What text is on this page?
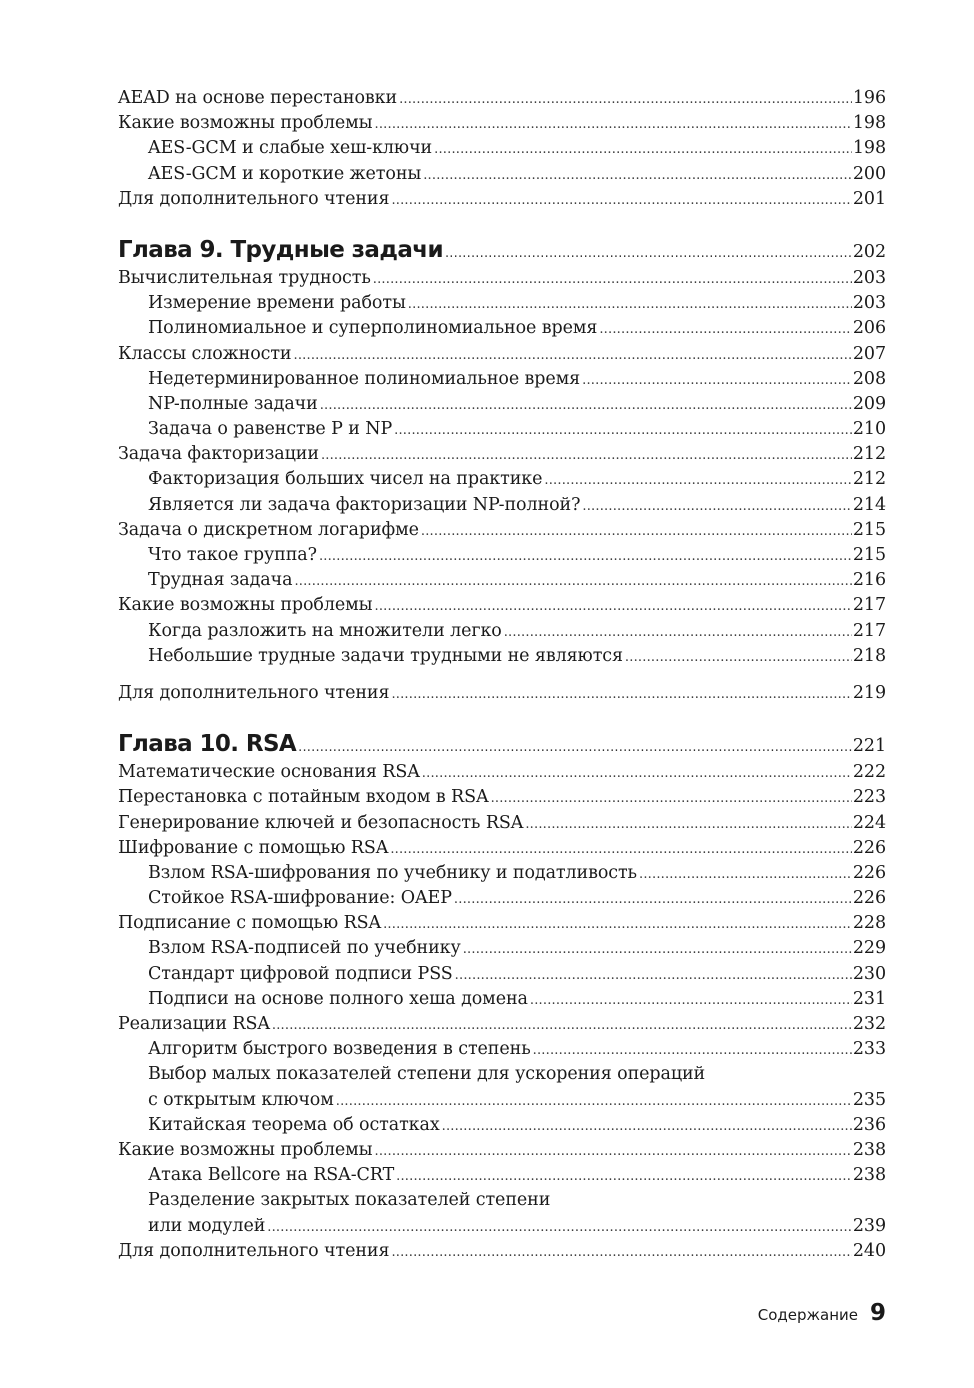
AEAD на основе перестановки .....	196
Какие возможны проблемы .....	198
AES-GCM и слабые хеш-ключи .....	198
AES-GCM и короткие жетоны .....	200
Для дополнительного чтения .....	201
Глава 9. Трудные задачи .....	202
Вычислительная трудность .....	203
Измерение времени работы .....	203
Полиномиальное и суперполиномиальное время .....	206
Классы сложности .....	207
Недетерминированное полиномиальное время .....	208
NP-полные задачи .....	209
Задача о равенстве P и NP .....	210
Задача факторизации .....	212
Факторизация больших чисел на практике .....	212
Является ли задача факторизации NP-полной? .....	214
Задача о дискретном логарифме .....	215
Что такое группа? .....	215
Трудная задача .....	216
Какие возможны проблемы .....	217
Когда разложить на множители легко .....	217
Небольшие трудные задачи трудными не являются .....	218
Для дополнительного чтения .....	219
Глава 10. RSA .....	221
Математические основания RSA .....	222
Перестановка с потайным входом в RSA .....	223
Генерирование ключей и безопасность RSA .....	224
Шифрование с помощью RSA .....	226
Взлом RSA-шифрования по учебнику и податливость .....	226
Стойкое RSA-шифрование: OAEP .....	226
Подписание с помощью RSA .....	228
Взлом RSA-подписей по учебнику .....	229
Стандарт цифровой подписи PSS .....	230
Подписи на основе полного хеша домена .....	231
Реализации RSA .....	232
Алгоритм быстрого возведения в степень .....	233
Выбор малых показателей степени для ускорения операций
с открытым ключом .....	235
Китайская теорема об остатках .....	236
Какие возможны проблемы .....	238
Атака Bellcore на RSA-CRT .....	238
Разделение закрытых показателей степени
или модулей .....	239
Для дополнительного чтения .....	240
Содержание 9
